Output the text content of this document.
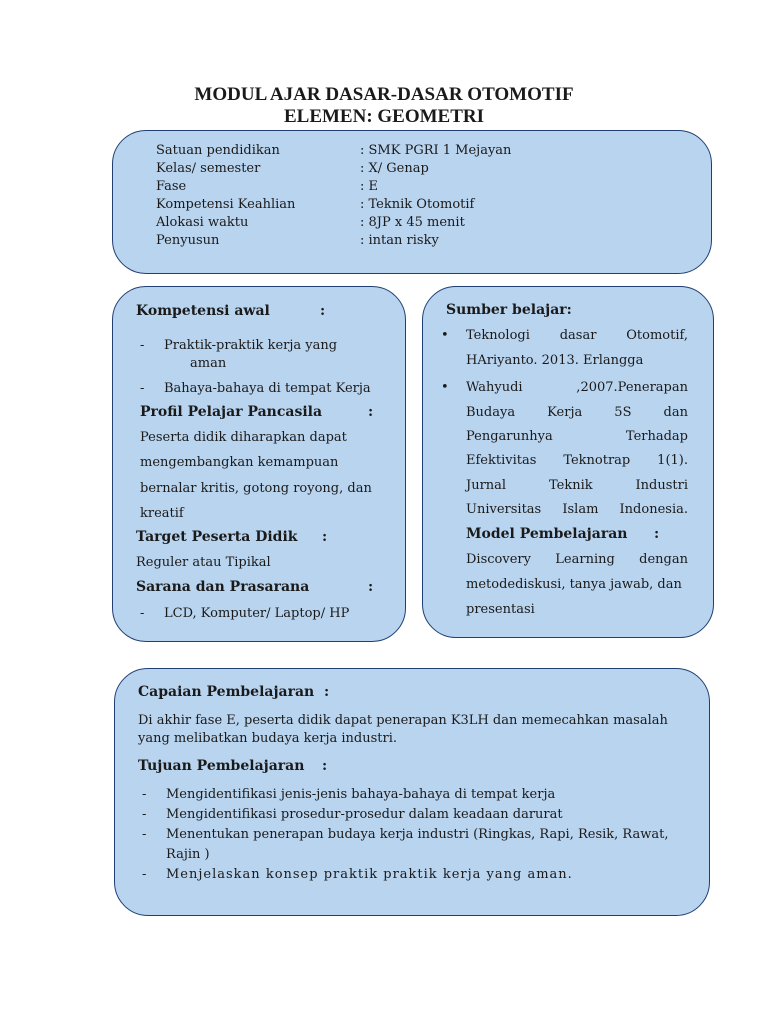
MODUL AJAR DASAR-DASAR OTOMOTIF
ELEMEN: GEOMETRI
Satuan pendidikan	: SMK PGRI 1 Mejayan
Kelas/ semester	: X/ Genap
Fase	: E
Kompetensi Keahlian	: Teknik Otomotif
Alokasi waktu	: 8JP x 45 menit
Penyusun	: intan risky
Kompetensi awal	:
- Praktik-praktik kerja yang
aman
- Bahaya-bahaya di tempat Kerja
Profil Pelajar Pancasila	:
Peserta didik diharapkan dapat
mengembangkan kemampuan
bernalar kritis, gotong royong, dan
kreatif
Target Peserta Didik :
Reguler atau Tipikal
Sarana dan Prasarana	:
- LCD, Komputer/ Laptop/ HP
Sumber belajar:
• Teknologi dasar Otomotif,
HAriyanto. 2013. Erlangga
• Wahyudi ,2007.Penerapan
Budaya Kerja 5S dan
Pengarunhya Terhadap
Efektivitas Teknotrap 1(1).
Jurnal Teknik Industri
Universitas Islam Indonesia.
Model Pembelajaran :
Discovery Learning dengan
metodediskusi, tanya jawab, dan
presentasi
Capaian Pembelajaran :
Di akhir fase E, peserta didik dapat penerapan K3LH dan memecahkan masalah
yang melibatkan budaya kerja industri.
Tujuan Pembelajaran :
- Mengidentifikasi jenis-jenis bahaya-bahaya di tempat kerja
- Mengidentifikasi prosedur-prosedur dalam keadaan darurat
- Menentukan penerapan budaya kerja industri (Ringkas, Rapi, Resik, Rawat,
Rajin )
- Menjelaskan konsep praktik praktik kerja yang aman.
